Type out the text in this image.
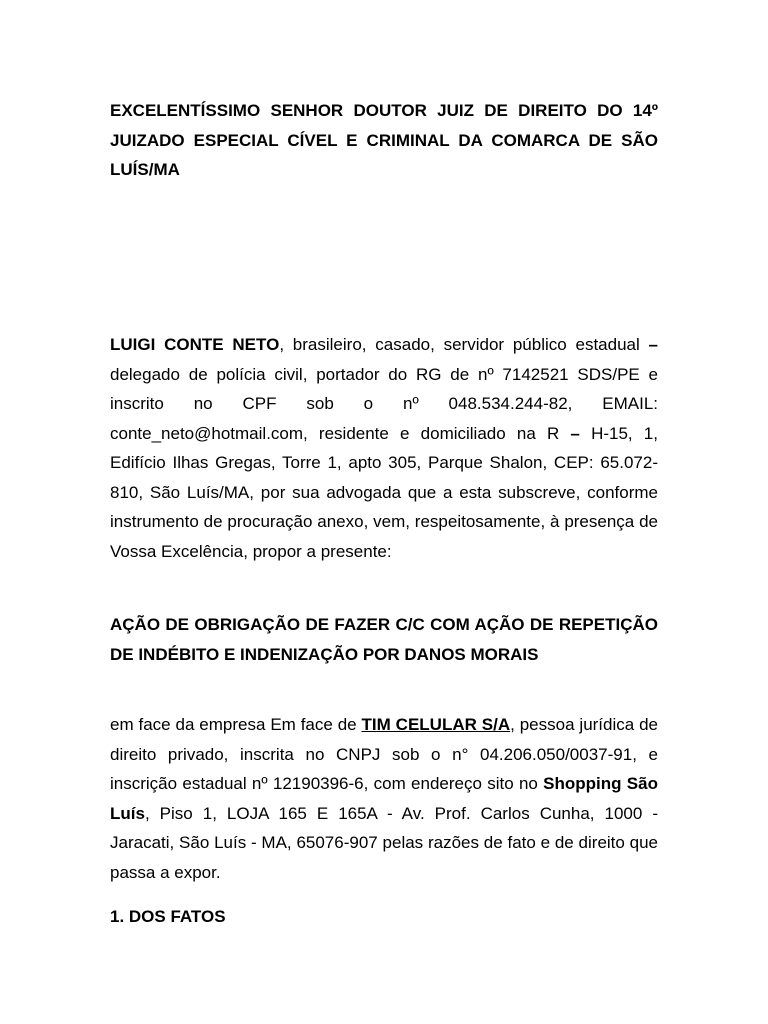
EXCELENTÍSSIMO SENHOR DOUTOR JUIZ DE DIREITO DO 14º JUIZADO ESPECIAL CÍVEL E CRIMINAL DA COMARCA DE SÃO LUÍS/MA

LUIGI CONTE NETO, brasileiro, casado, servidor público estadual – delegado de polícia civil, portador do RG de nº 7142521 SDS/PE e inscrito no CPF sob o nº 048.534.244-82, EMAIL: conte_neto@hotmail.com, residente e domiciliado na R – H-15, 1, Edifício Ilhas Gregas, Torre 1, apto 305, Parque Shalon, CEP: 65.072-810, São Luís/MA, por sua advogada que a esta subscreve, conforme instrumento de procuração anexo, vem, respeitosamente, à presença de Vossa Excelência, propor a presente:

AÇÃO DE OBRIGAÇÃO DE FAZER C/C COM AÇÃO DE REPETIÇÃO DE INDÉBITO E INDENIZAÇÃO POR DANOS MORAIS

em face da empresa Em face de TIM CELULAR S/A, pessoa jurídica de direito privado, inscrita no CNPJ sob o n° 04.206.050/0037-91, e inscrição estadual nº 12190396-6, com endereço sito no Shopping São Luís, Piso 1, LOJA 165 E 165A - Av. Prof. Carlos Cunha, 1000 - Jaracati, São Luís - MA, 65076-907 pelas razões de fato e de direito que passa a expor.

1. DOS FATOS
